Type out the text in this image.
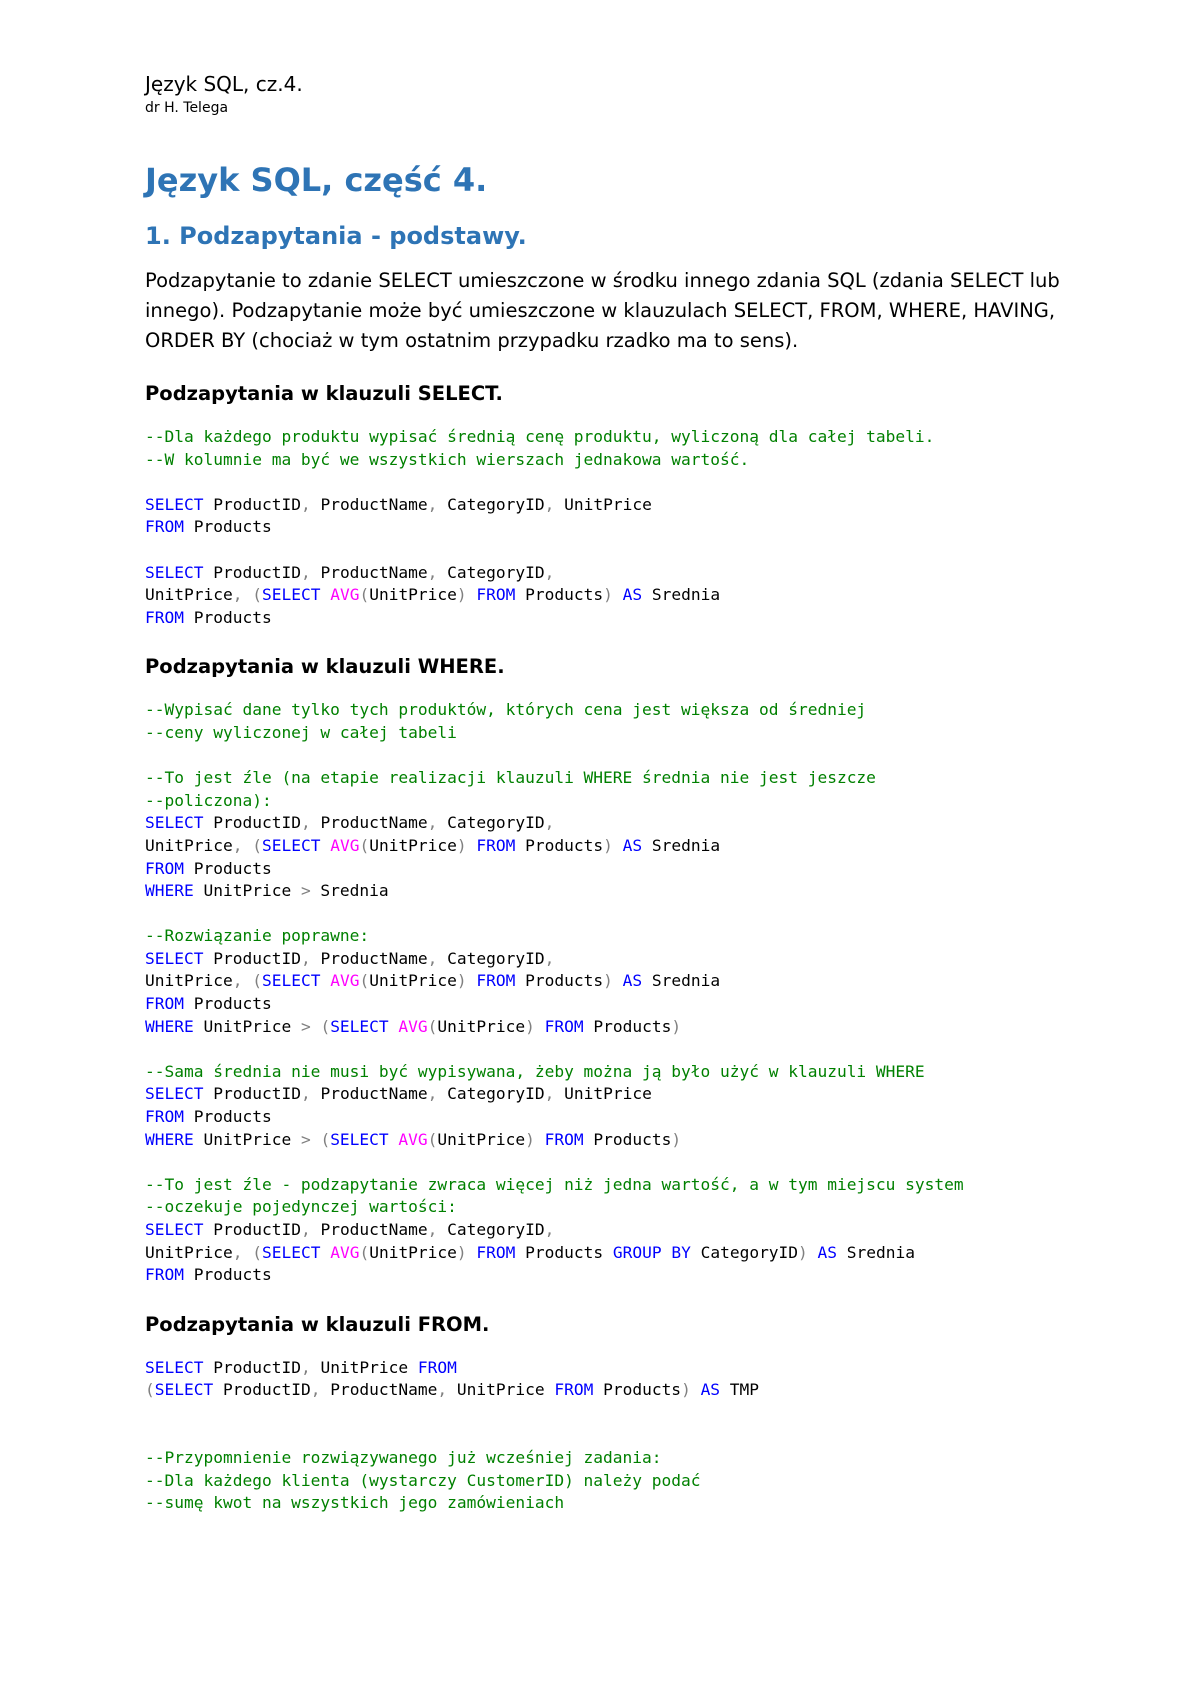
Język SQL, cz.4.

dr H. Telega

Język SQL, część 4.
1. Podzapytania - podstawy.

Podzapytanie to zdanie SELECT umieszczone w środku innego zdania SQL (zdania SELECT lub innego). Podzapytanie może być umieszczone w klauzulach SELECT, FROM, WHERE, HAVING, ORDER BY (chociaż w tym ostatnim przypadku rzadko ma to sens).

Podzapytania w klauzuli SELECT.
--Dla każdego produktu wypisać średnią cenę produktu, wyliczoną dla całej tabeli.
--W kolumnie ma być we wszystkich wierszach jednakowa wartość.
SELECT ProductID, ProductName, CategoryID, UnitPrice
FROM Products
SELECT ProductID, ProductName, CategoryID,
UnitPrice, (SELECT AVG(UnitPrice) FROM Products) AS Srednia
FROM Products
Podzapytania w klauzuli WHERE.
--Wypisać dane tylko tych produktów, których cena jest większa od średniej
--ceny wyliczonej w całej tabeli
--To jest źle (na etapie realizacji klauzuli WHERE średnia nie jest jeszcze
--policzona):
SELECT ProductID, ProductName, CategoryID,
UnitPrice, (SELECT AVG(UnitPrice) FROM Products) AS Srednia
FROM Products
WHERE UnitPrice > Srednia
--Rozwiązanie poprawne:
SELECT ProductID, ProductName, CategoryID,
UnitPrice, (SELECT AVG(UnitPrice) FROM Products) AS Srednia
FROM Products
WHERE UnitPrice > (SELECT AVG(UnitPrice) FROM Products)
--Sama średnia nie musi być wypisywana, żeby można ją było użyć w klauzuli WHERE
SELECT ProductID, ProductName, CategoryID, UnitPrice
FROM Products
WHERE UnitPrice > (SELECT AVG(UnitPrice) FROM Products)
--To jest źle - podzapytanie zwraca więcej niż jedna wartość, a w tym miejscu system
--oczekuje pojedynczej wartości:
SELECT ProductID, ProductName, CategoryID,
UnitPrice, (SELECT AVG(UnitPrice) FROM Products GROUP BY CategoryID) AS Srednia
FROM Products
Podzapytania w klauzuli FROM.
SELECT ProductID, UnitPrice FROM
(SELECT ProductID, ProductName, UnitPrice FROM Products) AS TMP
--Przypomnienie rozwiązywanego już wcześniej zadania:
--Dla każdego klienta (wystarczy CustomerID) należy podać
--sumę kwot na wszystkich jego zamówieniach
